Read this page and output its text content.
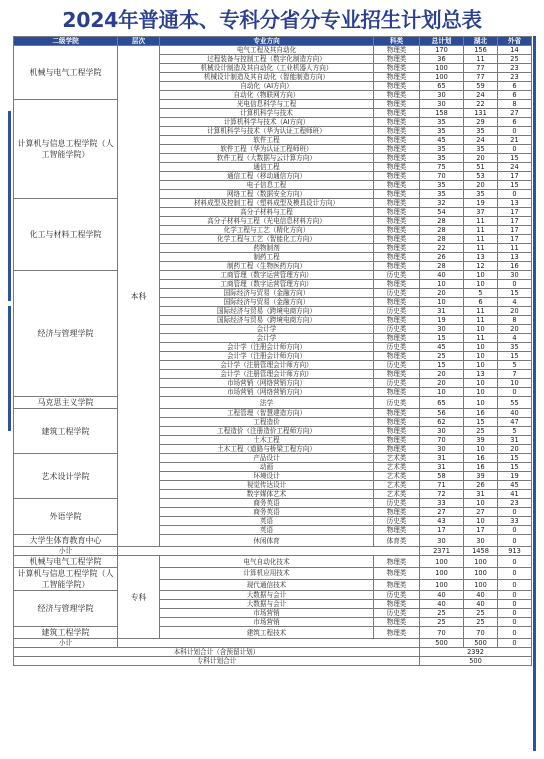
2024年普通本、专科分省分专业招生计划总表
二级学院	层次	专业方向	科类	总计划	湖北	外省
机械与电气工程学院	本科	电气工程及其自动化	物理类	170	156	14
		过程装备与控制工程（数字化制造方向）	物理类	36	11	25
		机械设计制造及其自动化（工业机器人方向）	物理类	100	77	23
		机械设计制造及其自动化（智能制造方向）	物理类	100	77	23
		自动化（AI方向）	物理类	65	59	6
		自动化（物联网方向）	物理类	30	24	6
计算机与信息工程学院（人工智能学院）		光电信息科学与工程	物理类	30	22	8
		计算机科学与技术	物理类	158	131	27
		计算机科学与技术（AI方向）	物理类	35	29	6
		计算机科学与技术（华为认证工程师班）	物理类	35	35	0
		软件工程	物理类	45	24	21
		软件工程（华为认证工程师班）	物理类	35	35	0
		软件工程（大数据与云计算方向）	物理类	35	20	15
		通信工程	物理类	75	51	24
		通信工程（移动通信方向）	物理类	70	53	17
		电子信息工程	物理类	35	20	15
		网络工程（数据安全方向）	物理类	35	35	0
化工与材料工程学院		材料成型及控制工程（塑料成型及模具设计方向）	物理类	32	19	13
		高分子材料与工程	物理类	54	37	17
		高分子材料与工程（光电信息材料方向）	物理类	28	11	17
		化学工程与工艺（精化方向）	物理类	28	11	17
		化学工程与工艺（智能化工方向）	物理类	28	11	17
		药物制剂	物理类	22	11	11
		制药工程	物理类	26	13	13
		制药工程（生物医药方向）	物理类	28	12	16
经济与管理学院		工商管理（数字运营管理方向）	历史类	40	10	30
		工商管理（数字运营管理方向）	物理类	10	10	0
		国际经济与贸易（金融方向）	历史类	20	5	15
		国际经济与贸易（金融方向）	物理类	10	6	4
		国际经济与贸易（跨境电商方向）	历史类	31	11	20
		国际经济与贸易（跨境电商方向）	物理类	19	11	8
		会计学	历史类	30	10	20
		会计学	物理类	15	11	4
		会计学（注册会计师方向）	历史类	45	10	35
		会计学（注册会计师方向）	物理类	25	10	15
		会计学（注册管理会计师方向）	历史类	15	10	5
		会计学（注册管理会计师方向）	物理类	20	13	7
		市场营销（网络营销方向）	历史类	20	10	10
		市场营销（网络营销方向）	物理类	10	10	0
马克思主义学院		法学	历史类	65	10	55
建筑工程学院		工程管理（智慧建造方向）	物理类	56	16	40
		工程造价	物理类	62	15	47
		工程造价（注册造价工程师方向）	物理类	30	25	5
		土木工程	物理类	70	39	31
		土木工程（道路与桥梁工程方向）	物理类	30	10	20
艺术设计学院		产品设计	艺术类	31	16	15
		动画	艺术类	31	16	15
		环境设计	艺术类	58	39	19
		视觉传达设计	艺术类	71	26	45
		数字媒体艺术	艺术类	72	31	41
外语学院		商务英语	历史类	33	10	23
		商务英语	物理类	27	27	0
		英语	历史类	43	10	33
		英语	物理类	17	17	0
大学生体育教育中心		休闲体育	体育类	30	30	0
小计				2371	1458	913
机械与电气工程学院	专科	电气自动化技术	物理类	100	100	0
计算机与信息工程学院（人工智能学院）		计算机应用技术	物理类	100	100	0
		现代通信技术	物理类	100	100	0
经济与管理学院		大数据与会计	历史类	40	40	0
		大数据与会计	物理类	40	40	0
		市场营销	历史类	25	25	0
		市场营销	物理类	25	25	0
建筑工程学院		建筑工程技术	物理类	70	70	0
小计				500	500	0
本科计划合计（含预留计划）				2392		
专科计划合计				500		
